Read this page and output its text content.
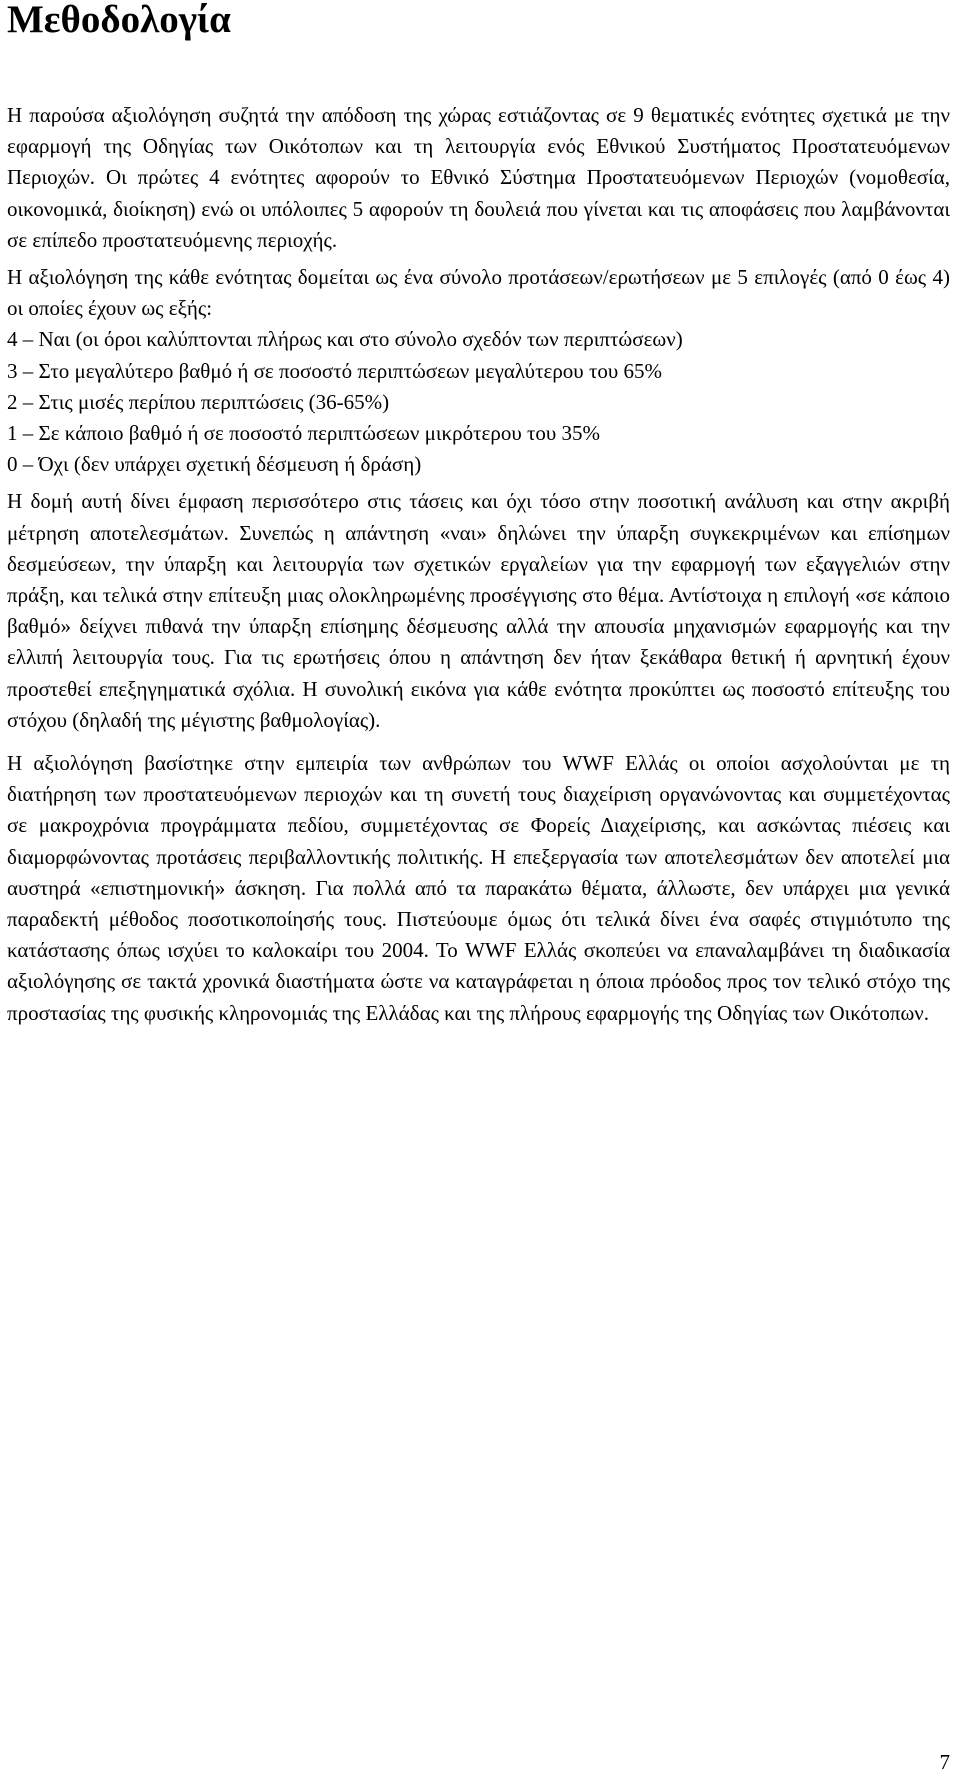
Μεθοδολογία

Η παρούσα αξιολόγηση συζητά την απόδοση της χώρας εστιάζοντας σε 9 θεματικές ενότητες σχετικά με την εφαρμογή της Οδηγίας των Οικότοπων και τη λειτουργία ενός Εθνικού Συστήματος Προστατευόμενων Περιοχών. Οι πρώτες 4 ενότητες αφορούν το Εθνικό Σύστημα Προστατευόμενων Περιοχών (νομοθεσία, οικονομικά, διοίκηση) ενώ οι υπόλοιπες 5 αφορούν τη δουλειά που γίνεται και τις αποφάσεις που λαμβάνονται σε επίπεδο προστατευόμενης περιοχής.

Η αξιολόγηση της κάθε ενότητας δομείται ως ένα σύνολο προτάσεων/ερωτήσεων με 5 επιλογές (από 0 έως 4) οι οποίες έχουν ως εξής:

4 – Ναι (οι όροι καλύπτονται πλήρως και στο σύνολο σχεδόν των περιπτώσεων)
3 – Στο μεγαλύτερο βαθμό ή σε ποσοστό περιπτώσεων μεγαλύτερου του 65%
2 – Στις μισές περίπου περιπτώσεις (36-65%)
1 – Σε κάποιο βαθμό ή σε ποσοστό περιπτώσεων μικρότερου του 35%
0 – Όχι (δεν υπάρχει σχετική δέσμευση ή δράση)

Η δομή αυτή δίνει έμφαση περισσότερο στις τάσεις και όχι τόσο στην ποσοτική ανάλυση και στην ακριβή μέτρηση αποτελεσμάτων. Συνεπώς η απάντηση «ναι» δηλώνει την ύπαρξη συγκεκριμένων και επίσημων δεσμεύσεων, την ύπαρξη και λειτουργία των σχετικών εργαλείων για την εφαρμογή των εξαγγελιών στην πράξη, και τελικά στην επίτευξη μιας ολοκληρωμένης προσέγγισης στο θέμα. Αντίστοιχα η επιλογή «σε κάποιο βαθμό» δείχνει πιθανά την ύπαρξη επίσημης δέσμευσης αλλά την απουσία μηχανισμών εφαρμογής και την ελλιπή λειτουργία τους. Για τις ερωτήσεις όπου η απάντηση δεν ήταν ξεκάθαρα θετική ή αρνητική έχουν προστεθεί επεξηγηματικά σχόλια. Η συνολική εικόνα για κάθε ενότητα προκύπτει ως ποσοστό επίτευξης του στόχου (δηλαδή της μέγιστης βαθμολογίας).

Η αξιολόγηση βασίστηκε στην εμπειρία των ανθρώπων του WWF Ελλάς οι οποίοι ασχολούνται με τη διατήρηση των προστατευόμενων περιοχών και τη συνετή τους διαχείριση οργανώνοντας και συμμετέχοντας σε μακροχρόνια προγράμματα πεδίου, συμμετέχοντας σε Φορείς Διαχείρισης, και ασκώντας πιέσεις και διαμορφώνοντας προτάσεις περιβαλλοντικής πολιτικής. Η επεξεργασία των αποτελεσμάτων δεν αποτελεί μια αυστηρά «επιστημονική» άσκηση. Για πολλά από τα παρακάτω θέματα, άλλωστε, δεν υπάρχει μια γενικά παραδεκτή μέθοδος ποσοτικοποίησής τους. Πιστεύουμε όμως ότι τελικά δίνει ένα σαφές στιγμιότυπο της κατάστασης όπως ισχύει το καλοκαίρι του 2004. Το WWF Ελλάς σκοπεύει να επαναλαμβάνει τη διαδικασία αξιολόγησης σε τακτά χρονικά διαστήματα ώστε να καταγράφεται η όποια πρόοδος προς τον τελικό στόχο της προστασίας της φυσικής κληρονομιάς της Ελλάδας και της πλήρους εφαρμογής της Οδηγίας των Οικότοπων.

7
